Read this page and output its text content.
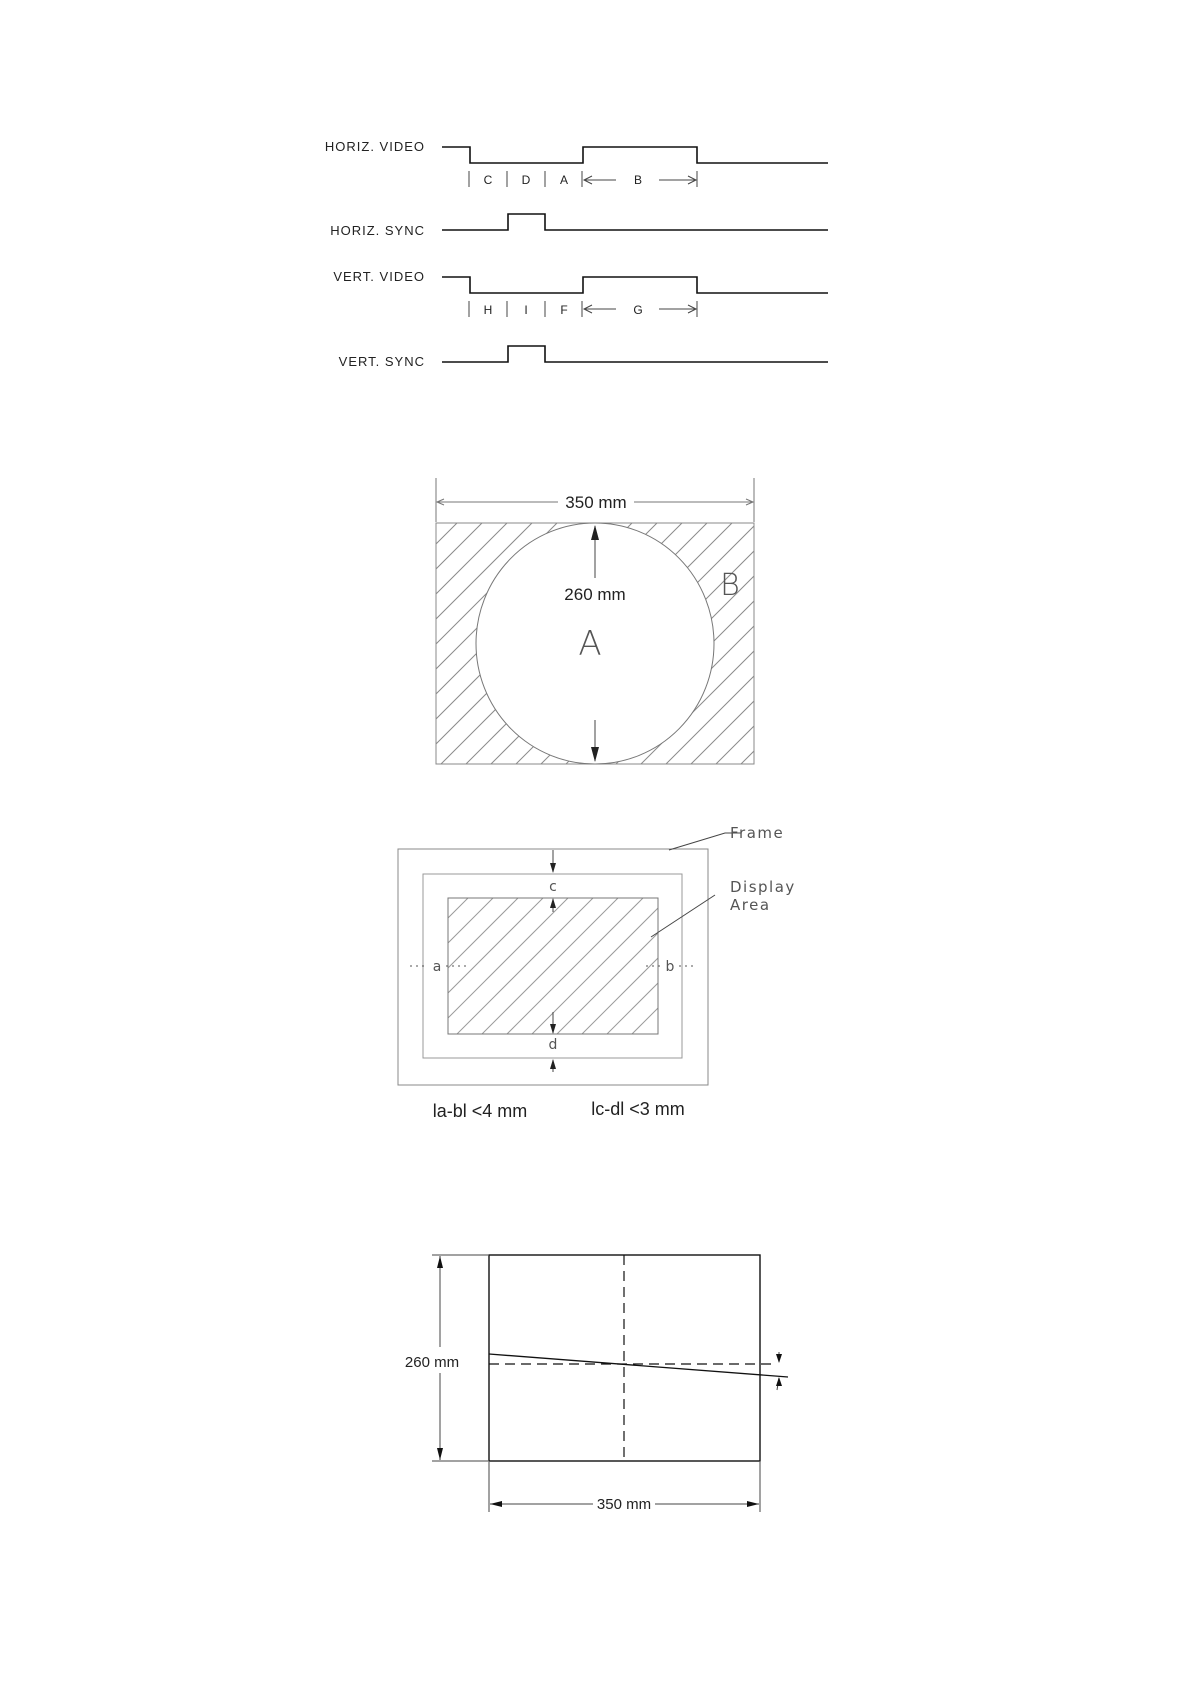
HORIZ. VIDEO
C D A	B
HORIZ. SYNC
VERT. VIDEO
H	I	F	G
VERT. SYNC
350 mm
260 mm
A
B
c
d
a	b
Frame
Display
Area
la-bl <4 mm	lc-dl <3 mm
260 mm
350 mm
